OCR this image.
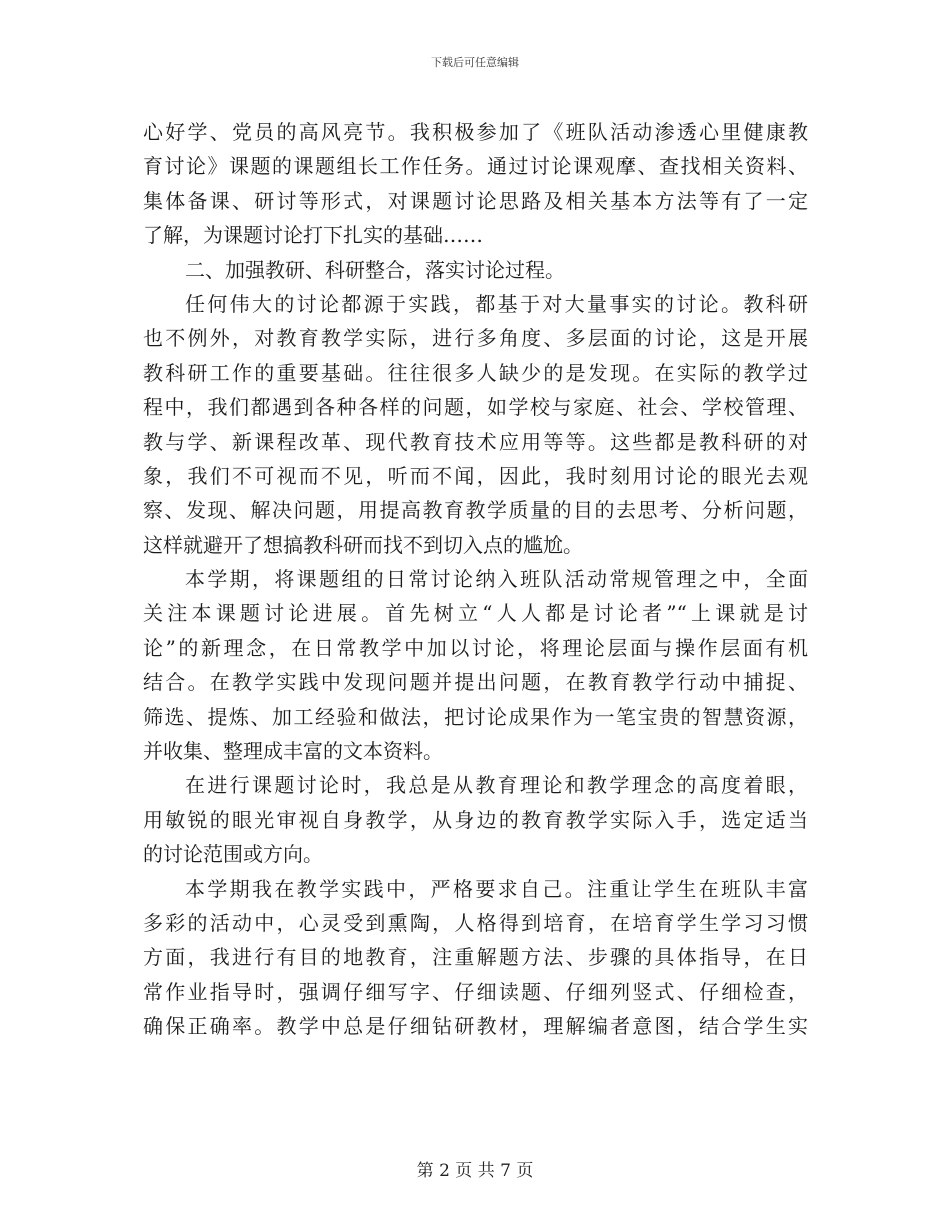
下载后可任意编辑
心好学、党员的高风亮节。我积极参加了《班队活动渗透心里健康教
育讨论》课题的课题组长工作任务。通过讨论课观摩、查找相关资料、
集体备课、研讨等形式，对课题讨论思路及相关基本方法等有了一定
了解，为课题讨论打下扎实的基础……
二、加强教研、科研整合，落实讨论过程。
任何伟大的讨论都源于实践，都基于对大量事实的讨论。教科研
也不例外，对教育教学实际，进行多角度、多层面的讨论，这是开展
教科研工作的重要基础。往往很多人缺少的是发现。在实际的教学过
程中，我们都遇到各种各样的问题，如学校与家庭、社会、学校管理、
教与学、新课程改革、现代教育技术应用等等。这些都是教科研的对
象，我们不可视而不见，听而不闻，因此，我时刻用讨论的眼光去观
察、发现、解决问题，用提高教育教学质量的目的去思考、分析问题，
这样就避开了想搞教科研而找不到切入点的尴尬。
本学期，将课题组的日常讨论纳入班队活动常规管理之中，全面
关注本课题讨论进展。首先树立“人人都是讨论者”“上课就是讨
论”的新理念，在日常教学中加以讨论，将理论层面与操作层面有机
结合。在教学实践中发现问题并提出问题，在教育教学行动中捕捉、
筛选、提炼、加工经验和做法，把讨论成果作为一笔宝贵的智慧资源，
并收集、整理成丰富的文本资料。
在进行课题讨论时，我总是从教育理论和教学理念的高度着眼，
用敏锐的眼光审视自身教学，从身边的教育教学实际入手，选定适当
的讨论范围或方向。
本学期我在教学实践中，严格要求自己。注重让学生在班队丰富
多彩的活动中，心灵受到熏陶，人格得到培育，在培育学生学习习惯
方面，我进行有目的地教育，注重解题方法、步骤的具体指导，在日
常作业指导时，强调仔细写字、仔细读题、仔细列竖式、仔细检查，
确保正确率。教学中总是仔细钻研教材，理解编者意图，结合学生实
第 2 页 共 7 页
